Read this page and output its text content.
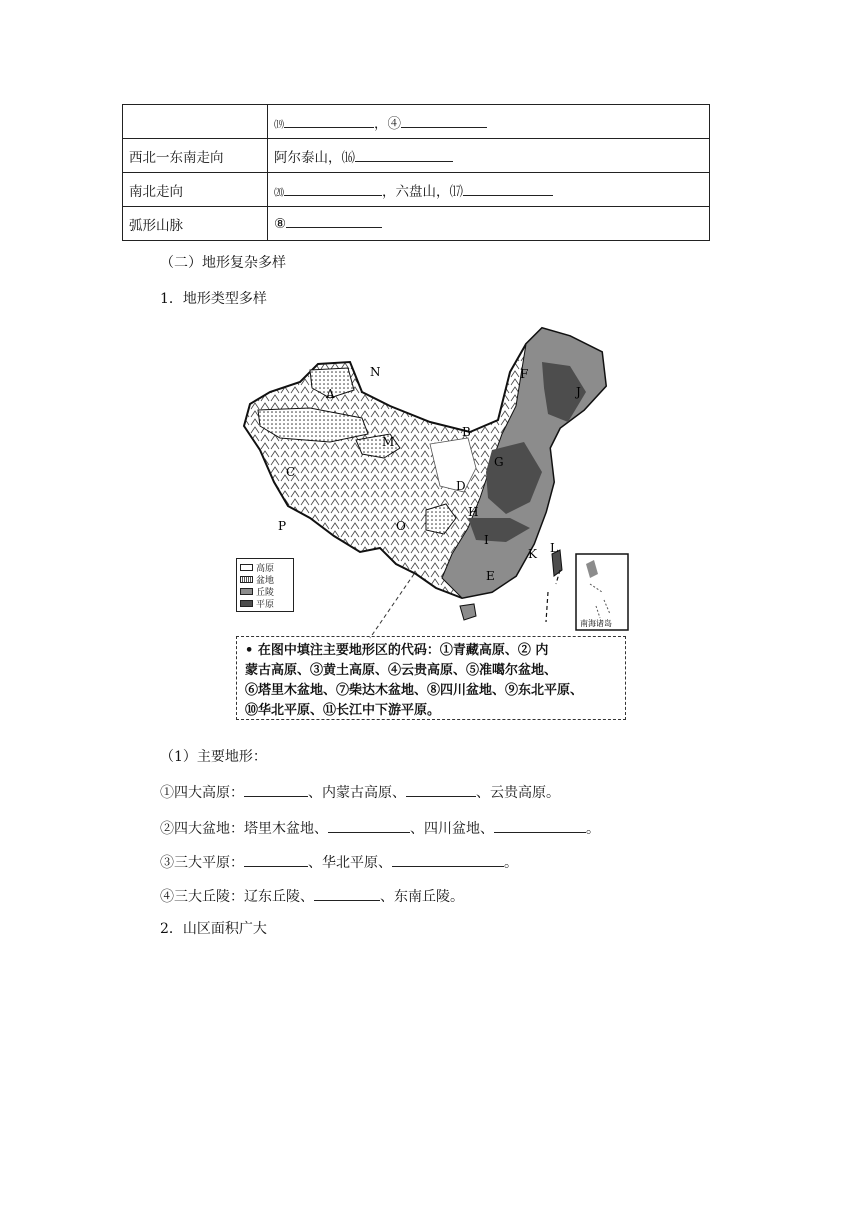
	⒆ ，④
西北一东南走向	阿尔泰山，⒃
南北走向	⒇ ，六盘山，⒄
弧形山脉	⑧
（二）地形复杂多样
1．地形类型多样
N
A
F
J
B
M
G
C
D
H
O
I
P
K L
E
南海诸岛
高原
盆地
丘陵
平原
• 在图中填注主要地形区的代码：①青藏高原、② 内
蒙古高原、③黄土高原、④云贵高原、⑤准噶尔盆地、
⑥塔里木盆地、⑦柴达木盆地、⑧四川盆地、⑨东北平原、
⑩华北平原、⑪长江中下游平原。
（1）主要地形：
①四大高原：	、内蒙古高原、	、云贵高原。
②四大盆地：塔里木盆地、	、四川盆地、	。
③三大平原：	、华北平原、	。
④三大丘陵：辽东丘陵、	、东南丘陵。
2．山区面积广大
